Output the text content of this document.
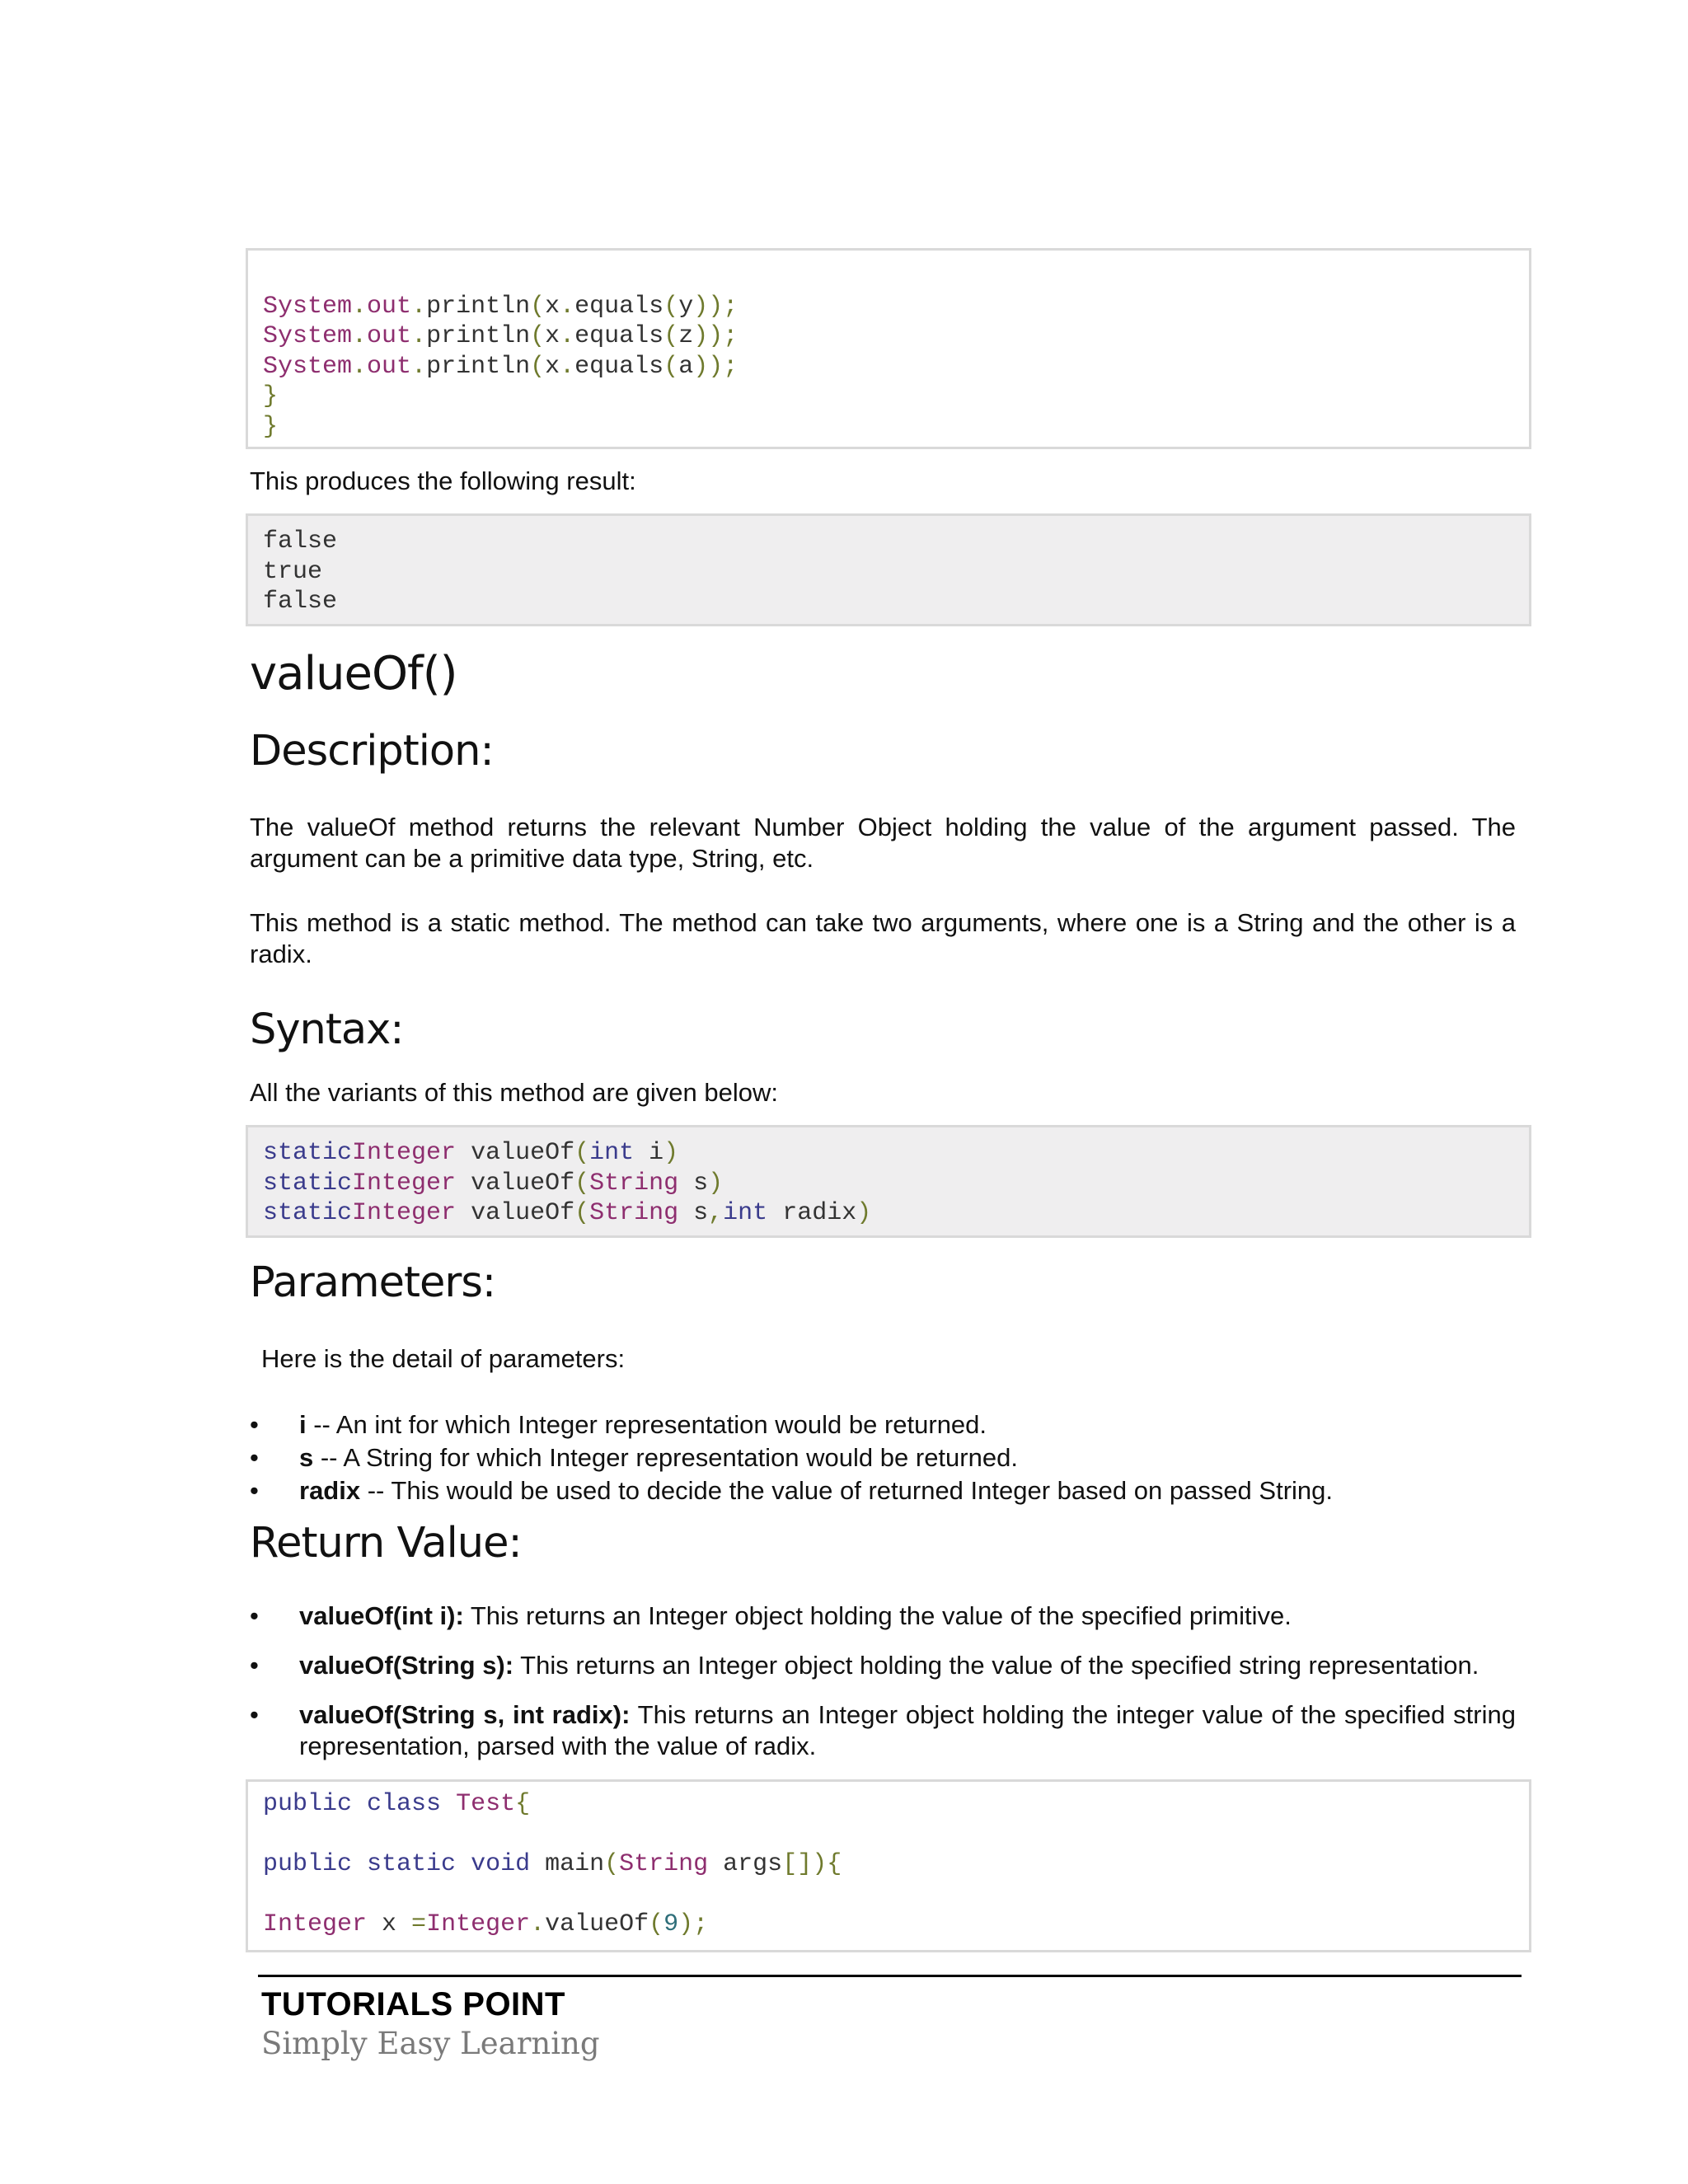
System.out.println(x.equals(y));
System.out.println(x.equals(z));
System.out.println(x.equals(a));
}
}
This produces the following result:
false
true
false
valueOf()
Description:
The valueOf method returns the relevant Number Object holding the value of the argument passed. The argument can be a primitive data type, String, etc.
This method is a static method. The method can take two arguments, where one is a String and the other is a radix.
Syntax:
All the variants of this method are given below:
staticInteger valueOf(int i)
staticInteger valueOf(String s)
staticInteger valueOf(String s,int radix)
Parameters:
Here is the detail of parameters:
• i -- An int for which Integer representation would be returned.
• s -- A String for which Integer representation would be returned.
• radix -- This would be used to decide the value of returned Integer based on passed String.
Return Value:
• valueOf(int i): This returns an Integer object holding the value of the specified primitive.
• valueOf(String s): This returns an Integer object holding the value of the specified string representation.
• valueOf(String s, int radix): This returns an Integer object holding the integer value of the specified string representation, parsed with the value of radix.
public class Test{
public static void main(String args[]){
Integer x =Integer.valueOf(9);
TUTORIALS POINT
Simply Easy Learning
